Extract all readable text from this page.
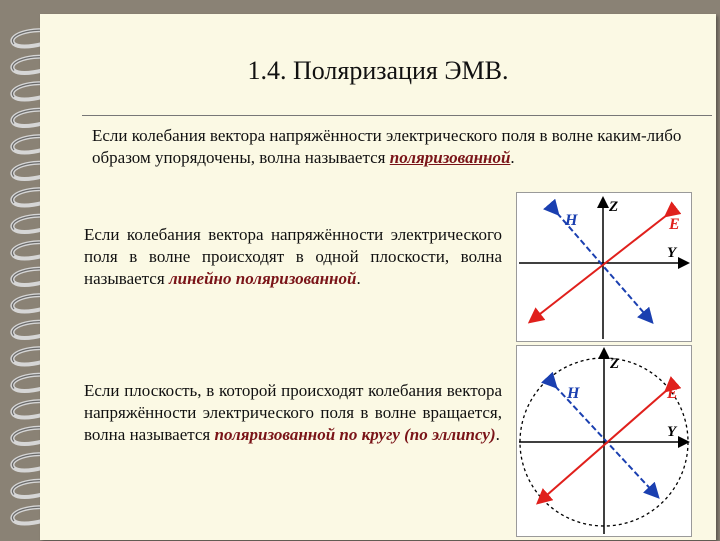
1.4. Поляризация ЭМВ.
Если колебания вектора напряжённости электрического поля в волне каким-либо образом упорядочены, волна называется поляризованной.
Если колебания вектора напряжённости электрического поля в волне происходят в одной плоскости, волна называется линейно поляризованной.
Если плоскость, в которой происходят колебания вектора напряжённости электрического поля в волне вращается, волна называется поляризованной по кругу (по эллипсу).
H
Z
E
Y
H
Z
E
Y
